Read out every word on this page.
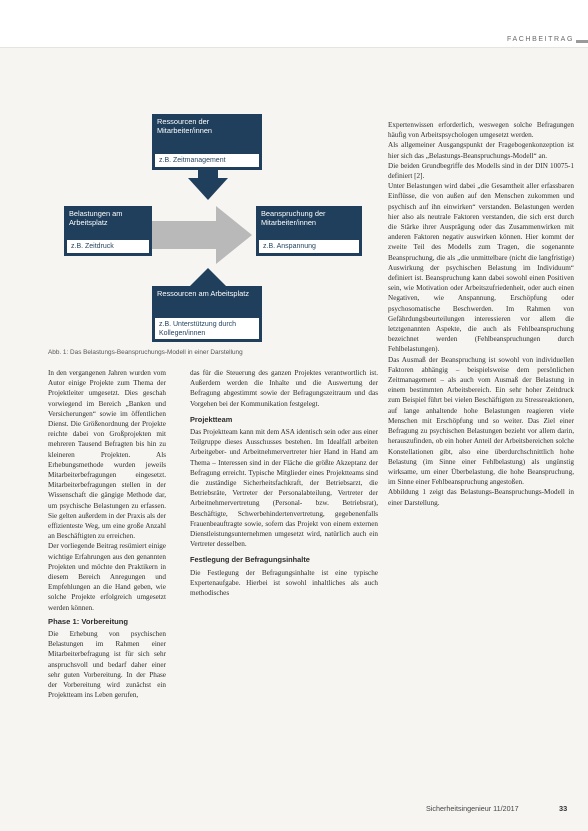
FACHBEITRAG
Ressourcen der Mitarbeiter/innen
z.B. Zeitmanagement
Belastungen am Arbeitsplatz
z.B. Zeitdruck
Beanspruchung der Mitarbeiter/innen
z.B. Anspannung
Ressourcen am Arbeitsplatz
z.B. Unterstützung durch Kollegen/innen
Abb. 1: Das Belastungs-Beanspruchungs-Modell in einer Darstellung

In den vergangenen Jahren wurden vom Autor einige Projekte zum Thema der Projektleiter umgesetzt. Dies geschah vorwiegend im Bereich „Banken und Versicherungen“ sowie im öffentlichen Dienst. Die Größenordnung der Projekte reichte dabei von Großprojekten mit mehreren Tausend Befragten bis hin zu kleineren Projekten. Als Erhebungsmethode wurden jeweils Mitarbeiterbefragungen eingesetzt. Mitarbeiterbefragungen stellen in der Wissenschaft die gängige Methode dar, um psychische Belastungen zu erfassen. Sie gelten außerdem in der Praxis als der effizienteste Weg, um eine große Anzahl an Beschäftigten zu erreichen.

Der vorliegende Beitrag resümiert einige wichtige Erfahrungen aus den genannten Projekten und möchte den Praktikern in diesem Bereich Anregungen und Empfehlungen an die Hand geben, wie solche Projekte erfolgreich umgesetzt werden können.

Phase 1: Vorbereitung

Die Erhebung von psychischen Belastungen im Rahmen einer Mitarbeiterbefragung ist für sich sehr anspruchsvoll und bedarf daher einer sehr guten Vorbereitung. In der Phase der Vorbereitung wird zunächst ein Projektteam ins Leben gerufen,

das für die Steuerung des ganzen Projektes verantwortlich ist. Außerdem werden die Inhalte und die Auswertung der Befragung abgestimmt sowie der Befragungszeitraum und das Vorgehen bei der Kommunikation festgelegt.

Projektteam

Das Projektteam kann mit dem ASA identisch sein oder aus einer Teilgruppe dieses Ausschusses bestehen. Im Idealfall arbeiten Arbeitgeber- und Arbeitnehmervertreter hier Hand in Hand am Thema – Interessen sind in der Fläche die größte Akzeptanz der Befragung erreicht. Typische Mitglieder eines Projektteams sind die zuständige Sicherheitsfachkraft, der Betriebsarzt, die Betriebsräte, Vertreter der Personalabteilung, Vertreter der Arbeitnehmervertretung (Personal- bzw. Betriebsrat), Beschäftigte, Schwerbehindertenvertretung, gegebenenfalls Frauenbeauftragte sowie, sofern das Projekt von einem externen Dienstleistungsunternehmen umgesetzt wird, natürlich auch ein Vertreter desselben.

Festlegung der Befragungsinhalte

Die Festlegung der Befragungsinhalte ist eine typische Expertenaufgabe. Hierbei ist sowohl inhaltliches als auch methodisches

Expertenwissen erforderlich, weswegen solche Befragungen häufig von Arbeitspsychologen umgesetzt werden.

Als allgemeiner Ausgangspunkt der Fragebogenkonzeption ist hier sich das „Belastungs-Beanspruchungs-Modell“ an.

Die beiden Grundbegriffe des Modells sind in der DIN 10075-1 definiert [2].

Unter Belastungen wird dabei „die Gesamtheit aller erfassbaren Einflüsse, die von außen auf den Menschen zukommen und psychisch auf ihn einwirken“ verstanden. Belastungen werden hier also als neutrale Faktoren verstanden, die sich erst durch die Stärke ihrer Ausprägung oder das Zusammenwirken mit anderen Faktoren negativ auswirken können. Hier kommt der zweite Teil des Modells zum Tragen, die sogenannte Beanspruchung, die als „die unmittelbare (nicht die langfristige) Auswirkung der psychischen Belastung im Individuum“ definiert ist. Beanspruchung kann dabei sowohl einen Positiven sein, wie Motivation oder Arbeitszufriedenheit, oder auch einen Negativen, wie Anspannung, Erschöpfung oder psychosomatische Beschwerden. Im Rahmen von Gefährdungsbeurteilungen interessieren vor allem die letztgenannten Aspekte, die auch als Fehlbeanspruchung bezeichnet werden (Fehlbeanspruchungen durch Fehlbelastungen).

Das Ausmaß der Beanspruchung ist sowohl von individuellen Faktoren abhängig – beispielsweise dem persönlichen Zeitmanagement – als auch vom Ausmaß der Belastung in einem bestimmten Arbeitsbereich. Ein sehr hoher Zeitdruck zum Beispiel führt bei vielen Beschäftigten zu Stressreaktionen, auf lange anhaltende hohe Belastungen reagieren viele Menschen mit Erschöpfung und so weiter. Das Ziel einer Befragung zu psychischen Belastungen bezieht vor allem darin, herauszufinden, ob ein hoher Anteil der Arbeitsbereichen solche Konstellationen gibt, also eine überdurchschnittlich hohe Belastung (im Sinne einer Fehlbelastung) als ungünstig wirksame, um einer Überbelastung, die hohe Beanspruchung, im Sinne einer Fehlbeanspruchung angestoßen.

Abbildung 1 zeigt das Belastungs-Beanspruchungs-Modell in einer Darstellung.

Sicherheitsingenieur 11/2017	33
